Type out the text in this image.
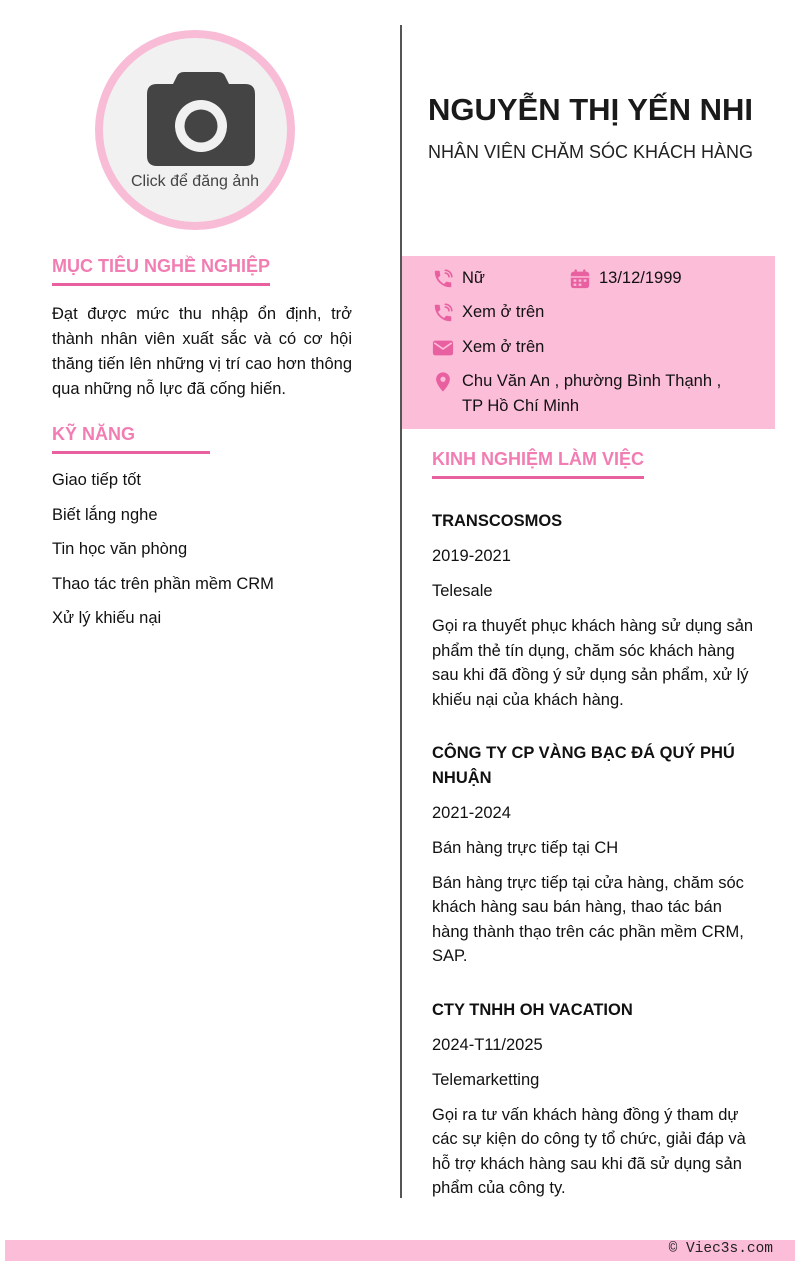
Click để đăng ảnh
NGUYỄN THỊ YẾN NHI

NHÂN VIÊN CHĂM SÓC KHÁCH HÀNG

MỤC TIÊU NGHỀ NGHIỆP

Đạt được mức thu nhập ổn định, trở thành nhân viên xuất sắc và có cơ hội thăng tiến lên những vị trí cao hơn thông qua những nỗ lực đã cống hiến.

KỸ NĂNG
Giao tiếp tốt
Biết lắng nghe
Tin học văn phòng
Thao tác trên phần mềm CRM
Xử lý khiếu nại
Nữ	13/12/1999
Xem ở trên
Xem ở trên
Chu Văn An , phường Bình Thạnh ,
TP Hồ Chí Minh
KINH NGHIỆM LÀM VIỆC

TRANSCOSMOS

2019-2021

Telesale

Gọi ra thuyết phục khách hàng sử dụng sản phẩm thẻ tín dụng, chăm sóc khách hàng sau khi đã đồng ý sử dụng sản phẩm, xử lý khiếu nại của khách hàng.

CÔNG TY CP VÀNG BẠC ĐÁ QUÝ PHÚ NHUẬN

2021-2024

Bán hàng trực tiếp tại CH

Bán hàng trực tiếp tại cửa hàng, chăm sóc khách hàng sau bán hàng, thao tác bán hàng thành thạo trên các phần mềm CRM, SAP.

CTY TNHH OH VACATION

2024-T11/2025

Telemarketting

Gọi ra tư vấn khách hàng đồng ý tham dự các sự kiện do công ty tổ chức, giải đáp và hỗ trợ khách hàng sau khi đã sử dụng sản phẩm của công ty.

© Viec3s.com
